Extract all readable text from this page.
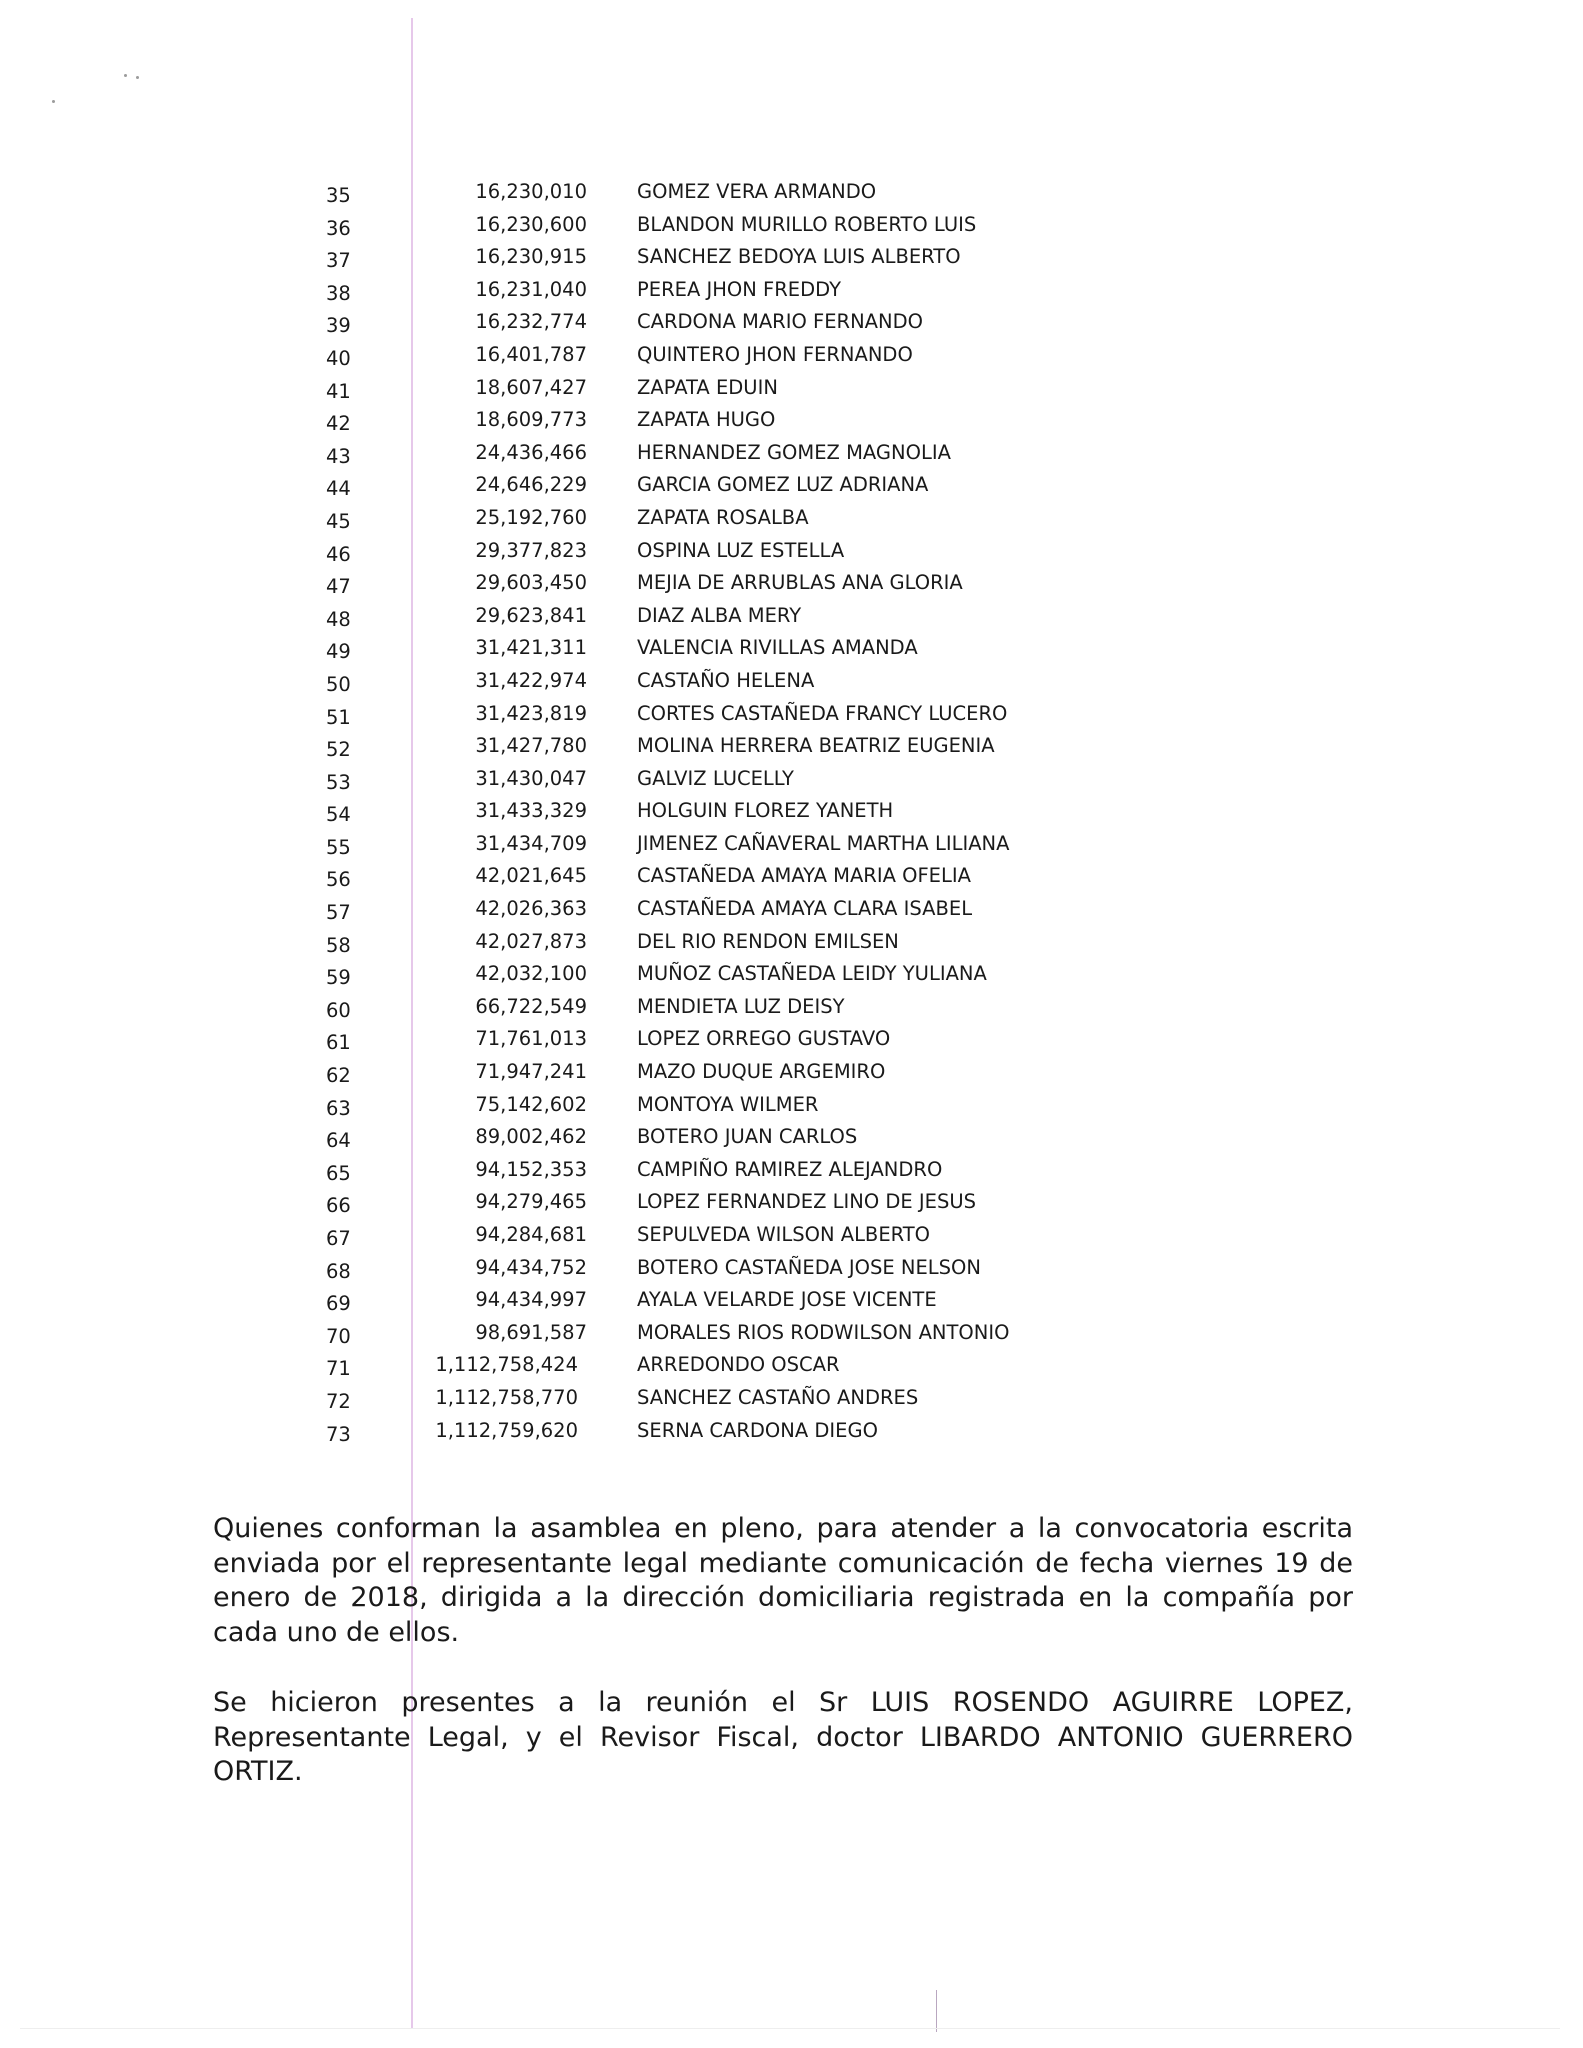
35	16,230,010	GOMEZ VERA ARMANDO
36	16,230,600	BLANDON MURILLO ROBERTO LUIS
37	16,230,915	SANCHEZ BEDOYA LUIS ALBERTO
38	16,231,040	PEREA JHON FREDDY
39	16,232,774	CARDONA MARIO FERNANDO
40	16,401,787	QUINTERO JHON FERNANDO
41	18,607,427	ZAPATA EDUIN
42	18,609,773	ZAPATA HUGO
43	24,436,466	HERNANDEZ GOMEZ MAGNOLIA
44	24,646,229	GARCIA GOMEZ LUZ ADRIANA
45	25,192,760	ZAPATA ROSALBA
46	29,377,823	OSPINA LUZ ESTELLA
47	29,603,450	MEJIA DE ARRUBLAS ANA GLORIA
48	29,623,841	DIAZ ALBA MERY
49	31,421,311	VALENCIA RIVILLAS AMANDA
50	31,422,974	CASTAÑO HELENA
51	31,423,819	CORTES CASTAÑEDA FRANCY LUCERO
52	31,427,780	MOLINA HERRERA BEATRIZ EUGENIA
53	31,430,047	GALVIZ LUCELLY
54	31,433,329	HOLGUIN FLOREZ YANETH
55	31,434,709	JIMENEZ CAÑAVERAL MARTHA LILIANA
56	42,021,645	CASTAÑEDA AMAYA MARIA OFELIA
57	42,026,363	CASTAÑEDA AMAYA CLARA ISABEL
58	42,027,873	DEL RIO RENDON EMILSEN
59	42,032,100	MUÑOZ CASTAÑEDA LEIDY YULIANA
60	66,722,549	MENDIETA LUZ DEISY
61	71,761,013	LOPEZ ORREGO GUSTAVO
62	71,947,241	MAZO DUQUE ARGEMIRO
63	75,142,602	MONTOYA WILMER
64	89,002,462	BOTERO JUAN CARLOS
65	94,152,353	CAMPIÑO RAMIREZ ALEJANDRO
66	94,279,465	LOPEZ FERNANDEZ LINO DE JESUS
67	94,284,681	SEPULVEDA WILSON ALBERTO
68	94,434,752	BOTERO CASTAÑEDA JOSE NELSON
69	94,434,997	AYALA VELARDE JOSE VICENTE
70	98,691,587	MORALES RIOS RODWILSON ANTONIO
71	1,112,758,424	ARREDONDO OSCAR
72	1,112,758,770	SANCHEZ CASTAÑO ANDRES
73	1,112,759,620	SERNA CARDONA DIEGO

Quienes conforman la asamblea en pleno, para atender a la convocatoria escrita enviada por el representante legal mediante comunicación de fecha viernes 19 de enero de 2018, dirigida a la dirección domiciliaria registrada en la compañía por cada uno de ellos.

Se hicieron presentes a la reunión el Sr LUIS ROSENDO AGUIRRE LOPEZ, Representante Legal, y el Revisor Fiscal, doctor LIBARDO ANTONIO GUERRERO ORTIZ.
